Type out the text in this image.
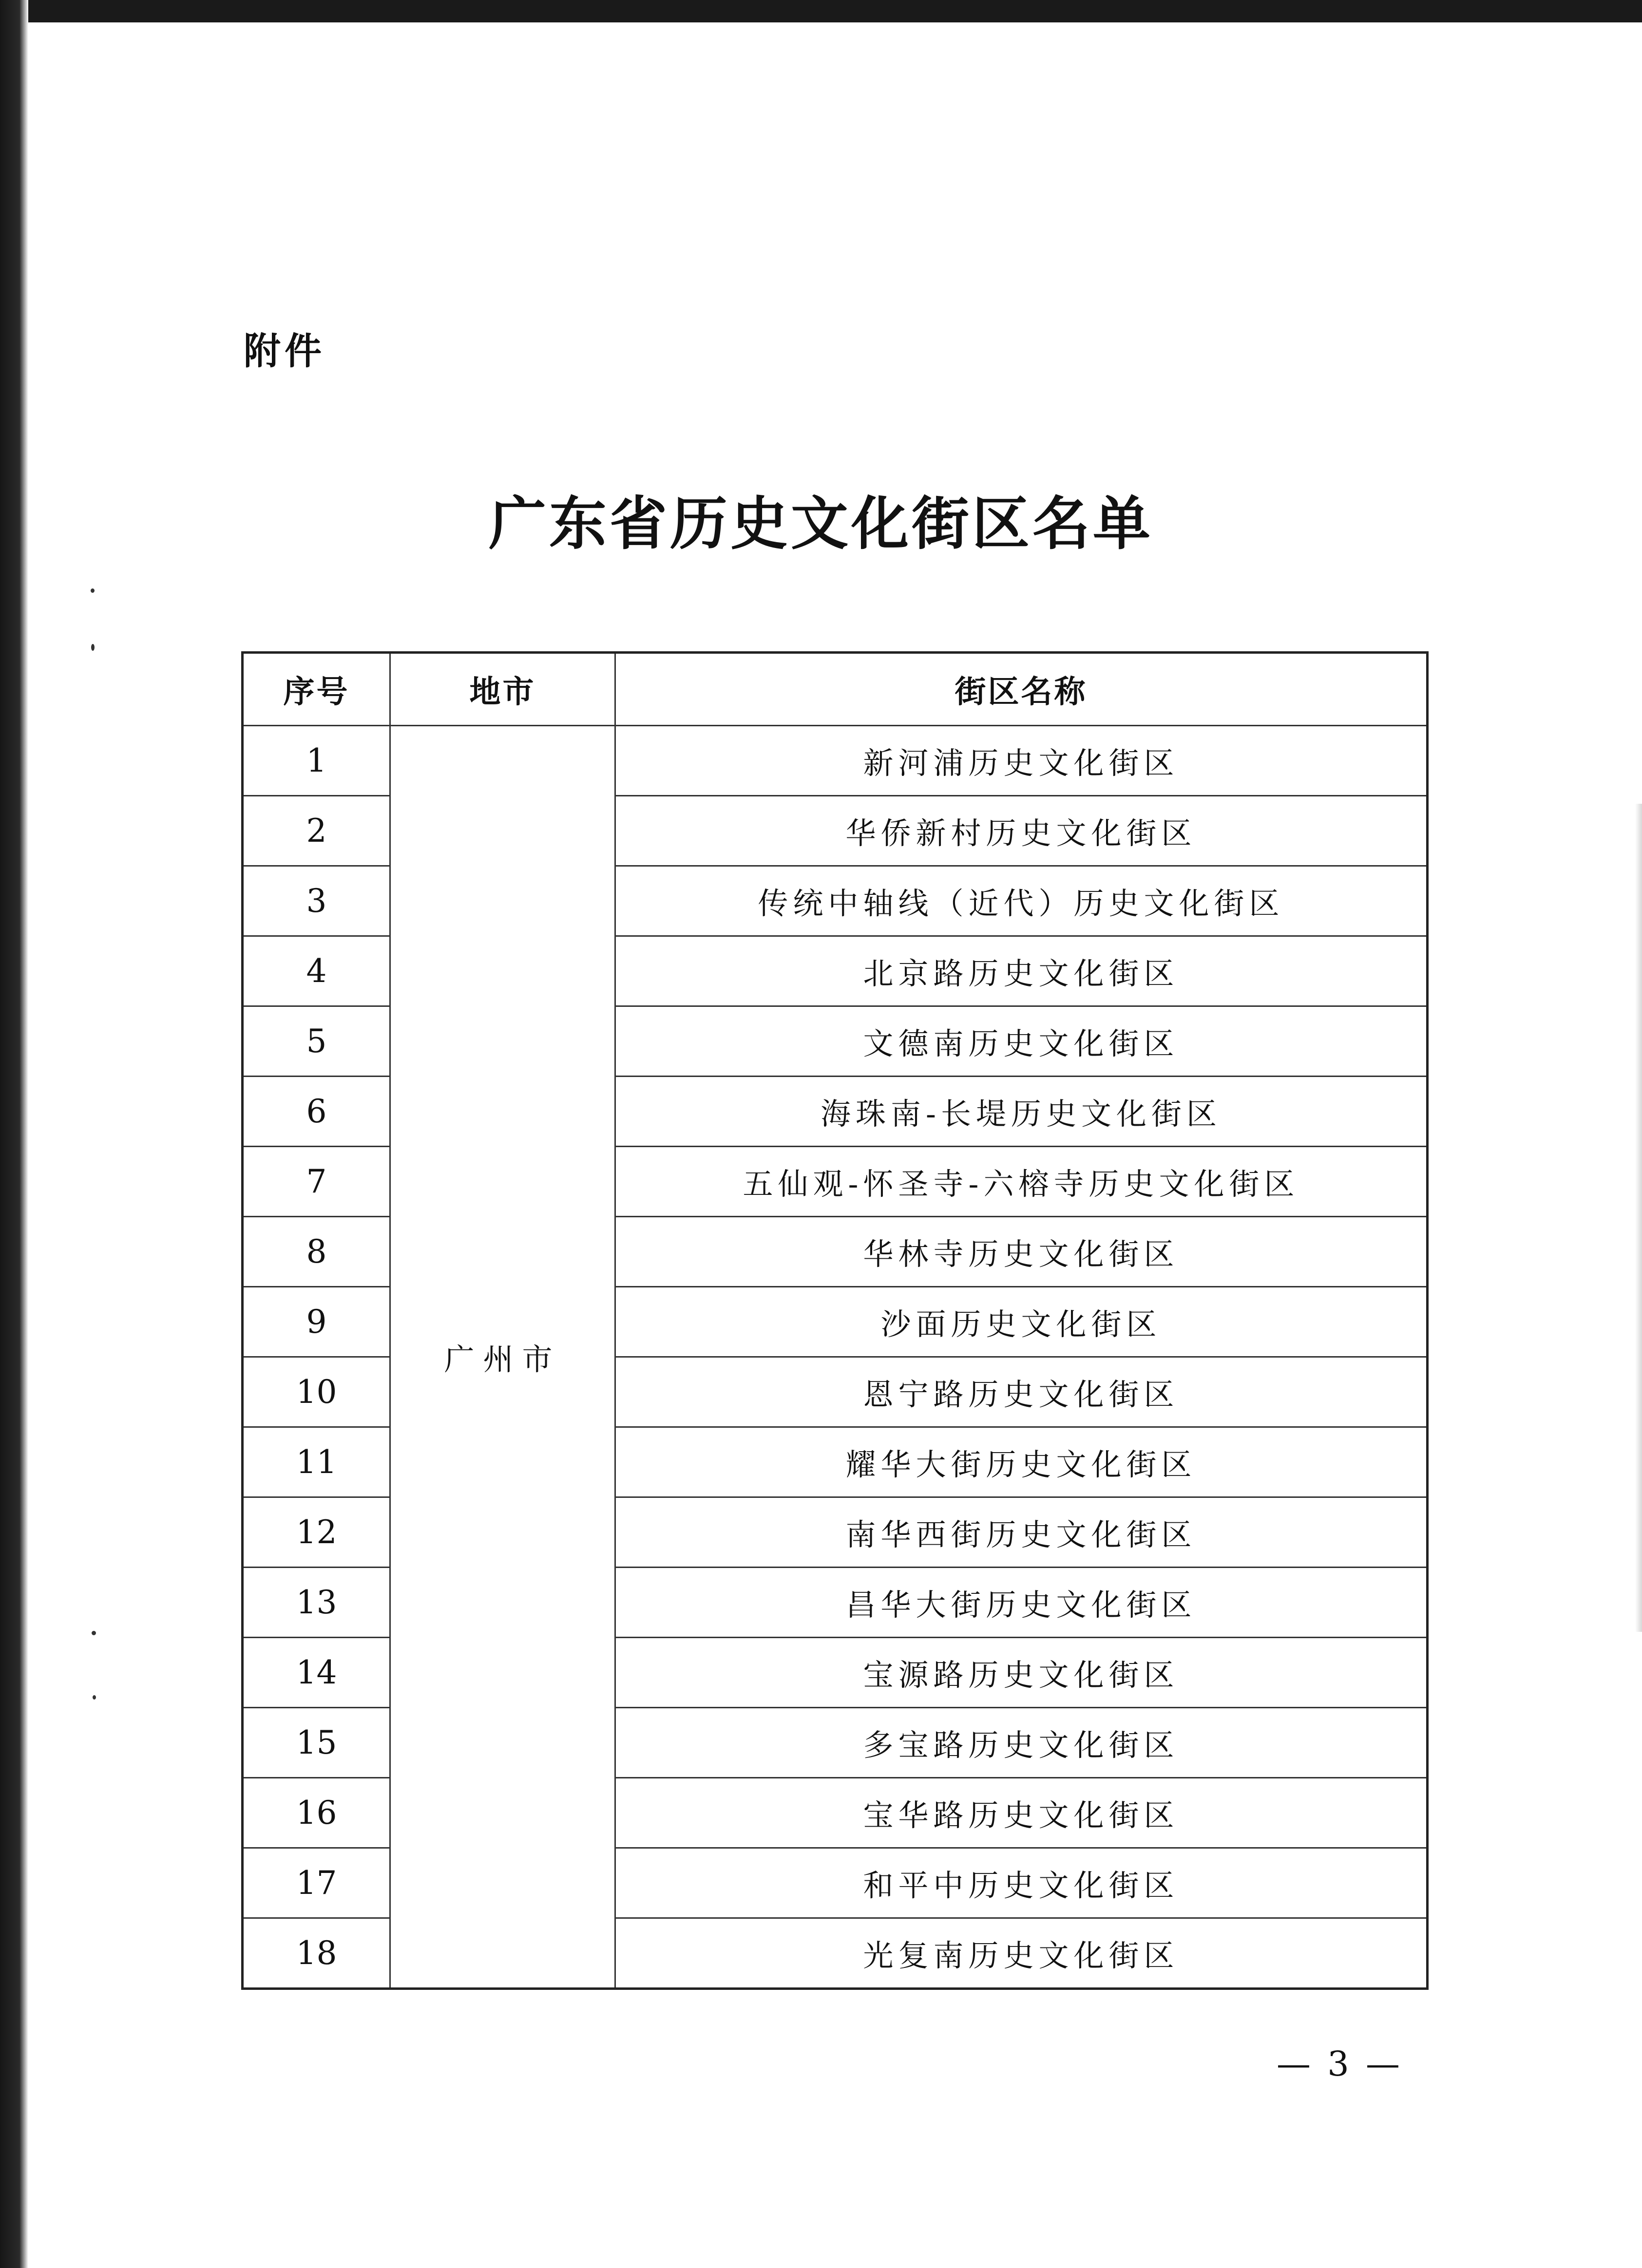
附件
广东省历史文化街区名单
序号	地市	街区名称
1	广州市	新河浦历史文化街区
2		华侨新村历史文化街区
3		传统中轴线（近代）历史文化街区
4		北京路历史文化街区
5		文德南历史文化街区
6		海珠南-长堤历史文化街区
7		五仙观-怀圣寺-六榕寺历史文化街区
8		华林寺历史文化街区
9		沙面历史文化街区
10		恩宁路历史文化街区
11		耀华大街历史文化街区
12		南华西街历史文化街区
13		昌华大街历史文化街区
14		宝源路历史文化街区
15		多宝路历史文化街区
16		宝华路历史文化街区
17		和平中历史文化街区
18		光复南历史文化街区
— 3 —
